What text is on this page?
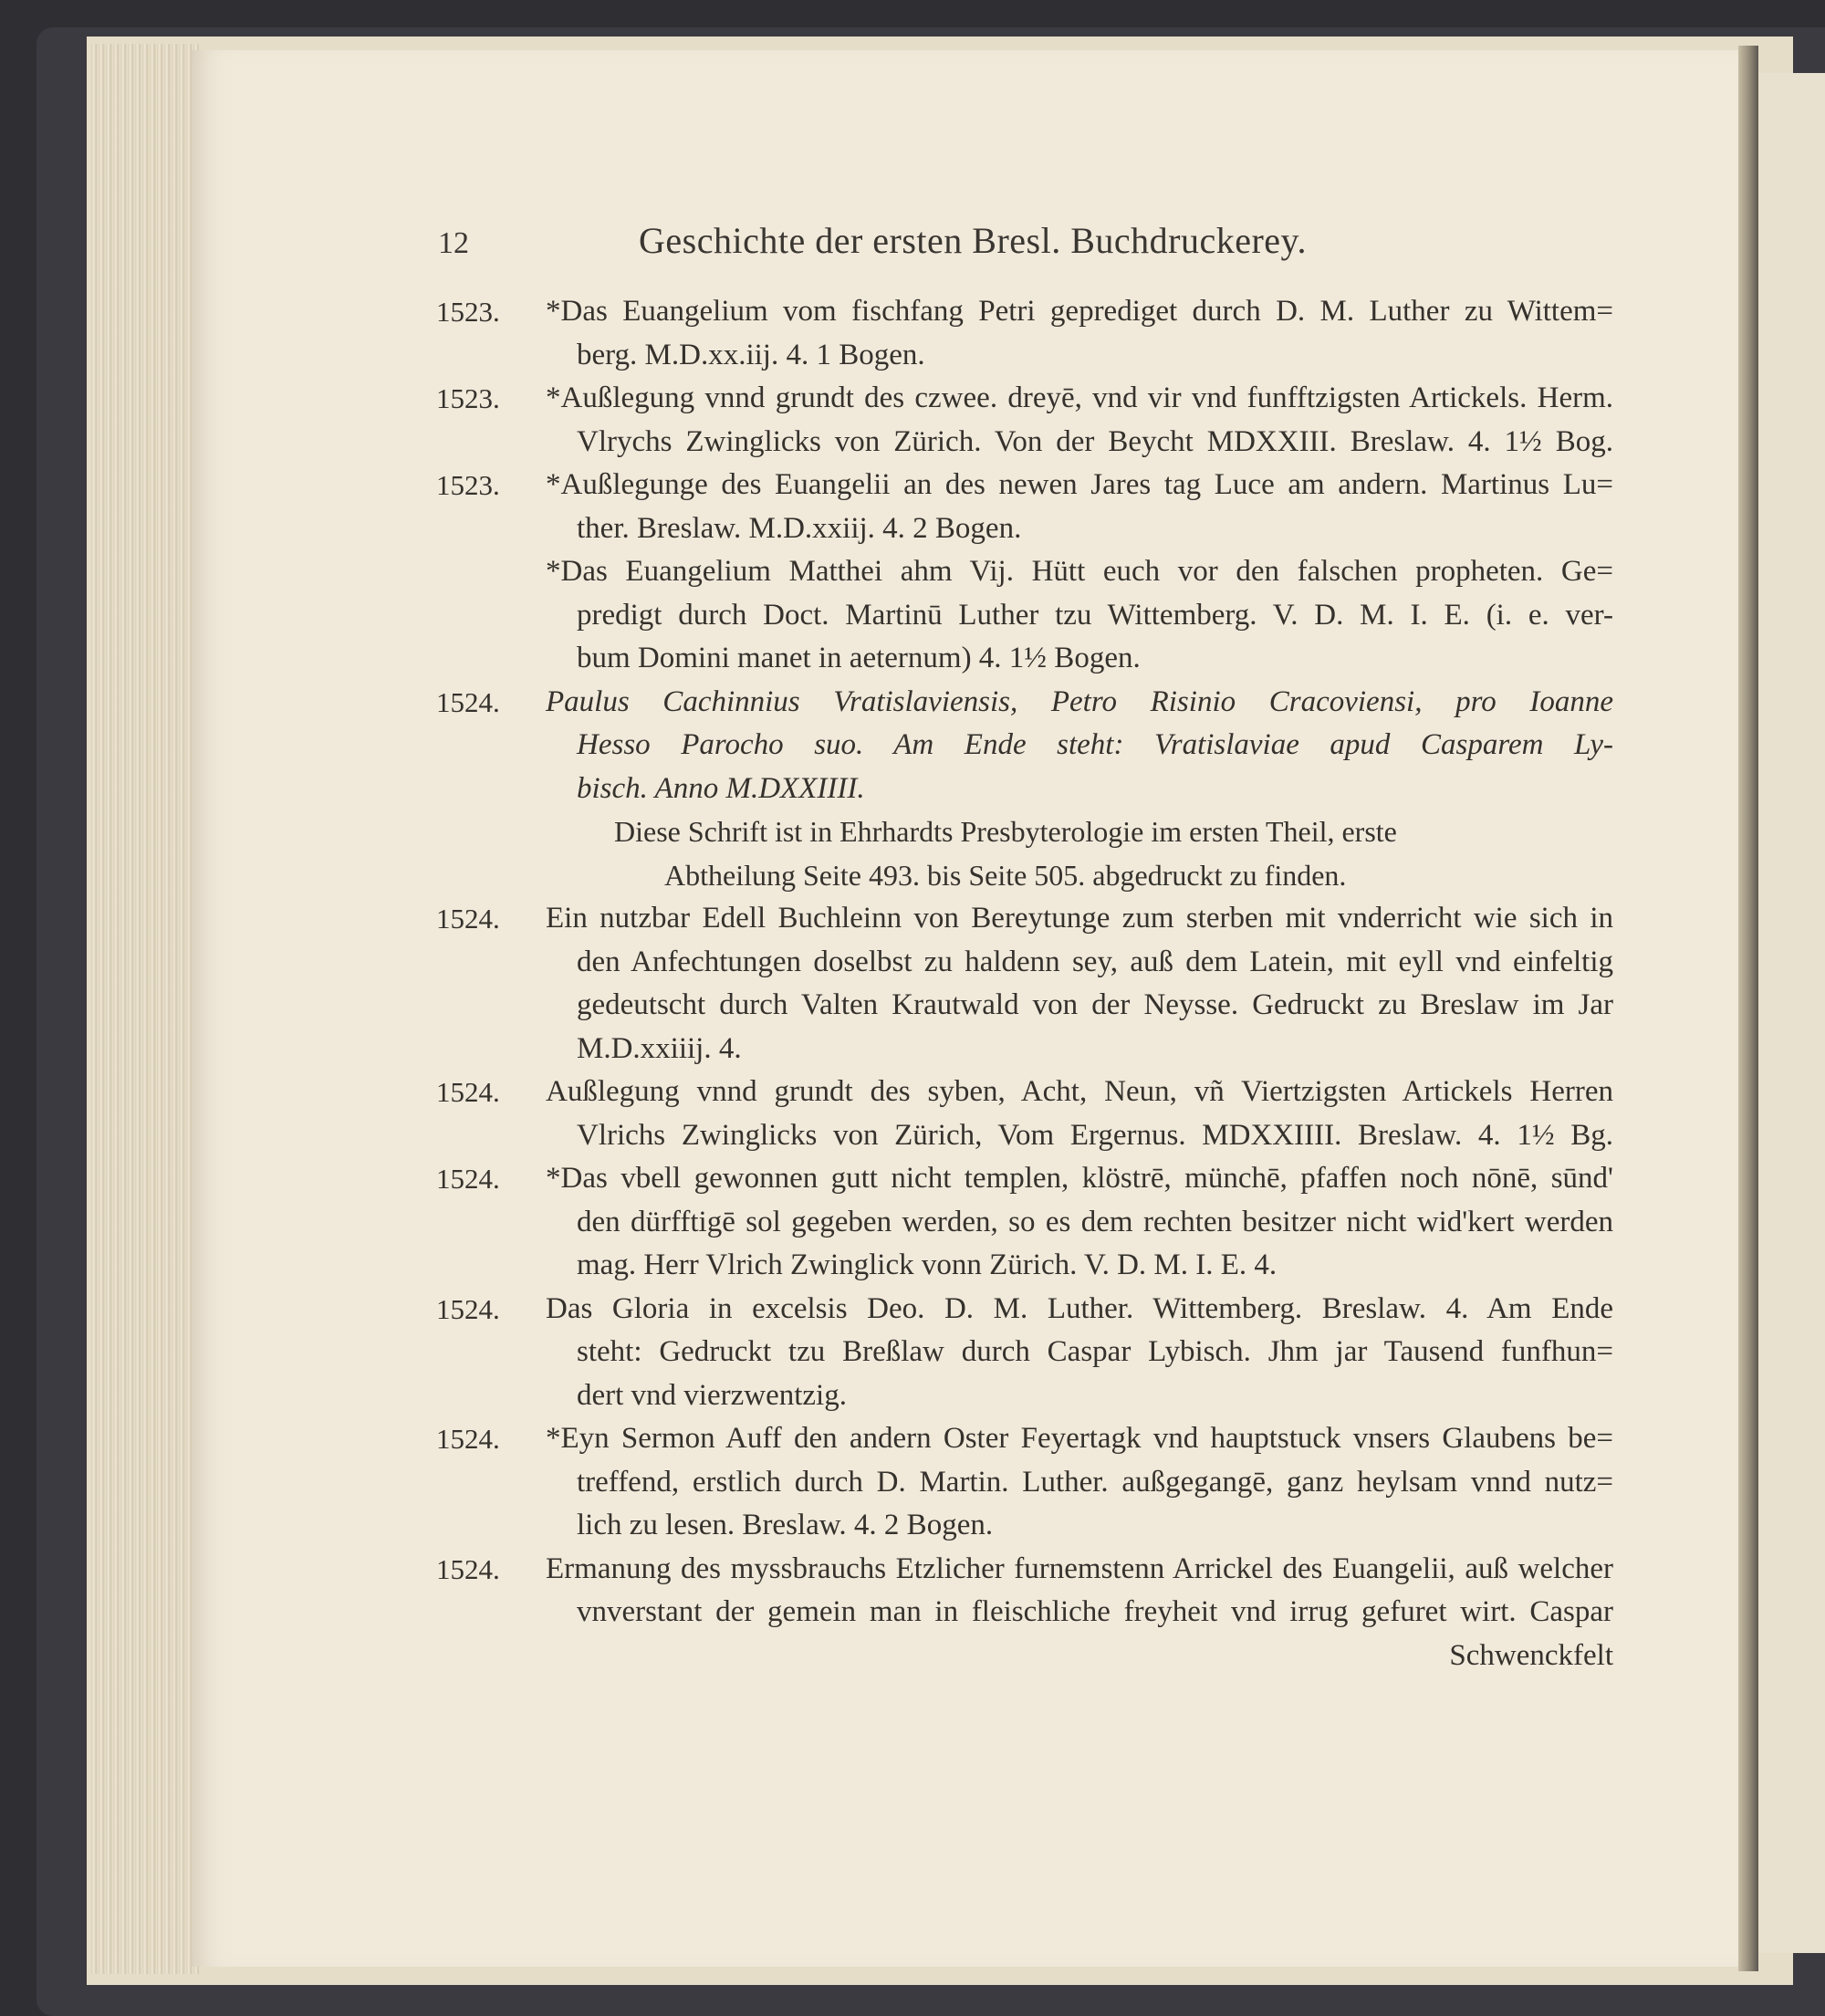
12	Geschichte der ersten Bresl. Buchdruckerey.
1523.	*Das Euangelium vom fischfang Petri geprediget durch D. M. Luther zu Wittem=
berg. M.D.xx.iij. 4. 1 Bogen.
1523.	*Außlegung vnnd grundt des czwee. dreyē, vnd vir vnd funfftzigsten Artickels. Herm.
Vlrychs Zwinglicks von Zürich. Von der Beycht MDXXIII. Breslaw. 4. 1½ Bog.
1523.	*Außlegunge des Euangelii an des newen Jares tag Luce am andern. Martinus Lu=
ther. Breslaw. M.D.xxiij. 4. 2 Bogen.
*Das Euangelium Matthei ahm Vij. Hütt euch vor den falschen propheten. Ge=
predigt durch Doct. Martinū Luther tzu Wittemberg. V. D. M. I. E. (i. e. ver-
bum Domini manet in aeternum) 4. 1½ Bogen.
1524.	Paulus Cachinnius Vratislaviensis, Petro Risinio Cracoviensi, pro Ioanne
Hesso Parocho suo. Am Ende steht: Vratislaviae apud Casparem Ly-
bisch. Anno M.DXXIIII.
Diese Schrift ist in Ehrhardts Presbyterologie im ersten Theil, erste
Abtheilung Seite 493. bis Seite 505. abgedruckt zu finden.
1524.	Ein nutzbar Edell Buchleinn von Bereytunge zum sterben mit vnderricht wie sich in
den Anfechtungen doselbst zu haldenn sey, auß dem Latein, mit eyll vnd einfeltig
gedeutscht durch Valten Krautwald von der Neysse. Gedruckt zu Breslaw im Jar
M.D.xxiiij. 4.
1524.	Außlegung vnnd grundt des syben, Acht, Neun, vñ Viertzigsten Artickels Herren
Vlrichs Zwinglicks von Zürich, Vom Ergernus. MDXXIIII. Breslaw. 4. 1½ Bg.
1524.	*Das vbell gewonnen gutt nicht templen, klöstrē, münchē, pfaffen noch nōnē, sūnd'
den dürfftigē sol gegeben werden, so es dem rechten besitzer nicht wid'kert werden
mag. Herr Vlrich Zwinglick vonn Zürich. V. D. M. I. E. 4.
1524.	Das Gloria in excelsis Deo. D. M. Luther. Wittemberg. Breslaw. 4. Am Ende
steht: Gedruckt tzu Breßlaw durch Caspar Lybisch. Jhm jar Tausend funfhun=
dert vnd vierzwentzig.
1524.	*Eyn Sermon Auff den andern Oster Feyertagk vnd hauptstuck vnsers Glaubens be=
treffend, erstlich durch D. Martin. Luther. außgegangē, ganz heylsam vnnd nutz=
lich zu lesen. Breslaw. 4. 2 Bogen.
1524.	Ermanung des myssbrauchs Etzlicher furnemstenn Arrickel des Euangelii, auß welcher
vnverstant der gemein man in fleischliche freyheit vnd irrug gefuret wirt. Caspar
Schwenckfelt
